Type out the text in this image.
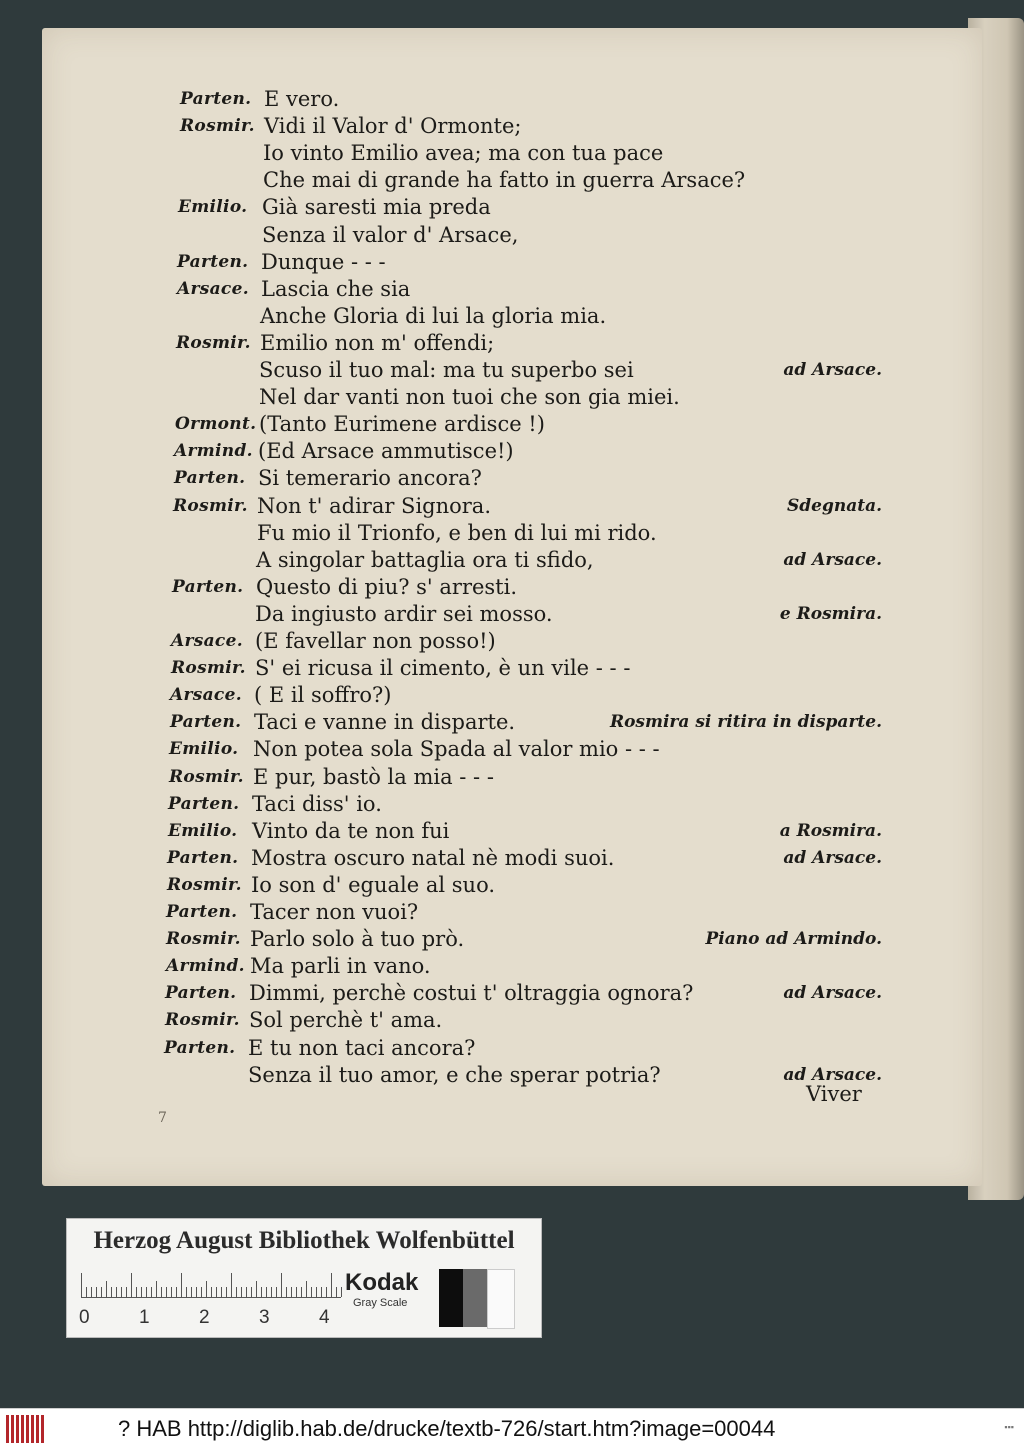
Parten. E vero.
Rosmir. Vidi il Valor d' Ormonte;
Io vinto Emilio avea; ma con tua pace
Che mai di grande ha fatto in guerra Arsace?
Emilio. Già saresti mia preda
Senza il valor d' Arsace,
Parten. Dunque - - -
Arsace. Lascia che sia
Anche Gloria di lui la gloria mia.
Rosmir. Emilio non m' offendi;
Scuso il tuo mal: ma tu superbo sei	ad Arsace.
Nel dar vanti non tuoi che son gia miei.
Ormont. (Tanto Eurimene ardisce !)
Armind. (Ed Arsace ammutisce!)
Parten. Si temerario ancora?
Rosmir. Non t' adirar Signora.	Sdegnata.
Fu mio il Trionfo, e ben di lui mi rido.
A singolar battaglia ora ti sfido,	ad Arsace.
Parten. Questo di piu? s' arresti.
Da ingiusto ardir sei mosso.	e Rosmira.
Arsace. (E favellar non posso!)
Rosmir. S' ei ricusa il cimento, è un vile - - -
Arsace. ( E il soffro?)
Parten. Taci e vanne in disparte.	Rosmira si ritira in disparte.
Emilio. Non potea sola Spada al valor mio - - -
Rosmir. E pur, bastò la mia - - -
Parten. Taci diss' io.
Emilio. Vinto da te non fui	a Rosmira.
Parten. Mostra oscuro natal nè modi suoi.	ad Arsace.
Rosmir. Io son d' eguale al suo.
Parten. Tacer non vuoi?
Rosmir. Parlo solo à tuo prò.	Piano ad Armindo.
Armind. Ma parli in vano.
Parten. Dimmi, perchè costui t' oltraggia ognora?	ad Arsace.
Rosmir. Sol perchè t' ama.
Parten. E tu non taci ancora?
Senza il tuo amor, e che sperar potria?	ad Arsace.
Viver
7
Herzog August Bibliothek Wolfenbüttel
0	1	2	3	4
Kodak
Gray Scale
? HAB http://diglib.hab.de/drucke/textb-726/start.htm?image=00044	▪▪▪
